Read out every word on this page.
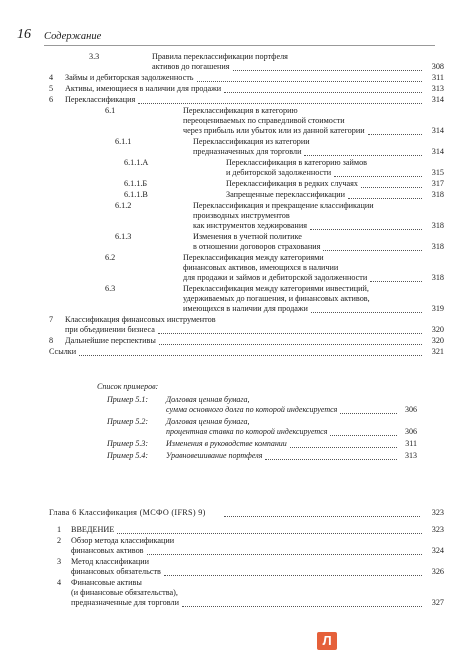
16 Содержание
3.3	Правила переклассификации портфеля
активов до погашения	308
4 Займы и дебиторская задолженность	311
5 Активы, имеющиеся в наличии для продажи	313
6 Переклассификация	314
6.1	Переклассификация в категорию
переоцениваемых по справедливой стоимости
через прибыль или убыток или из данной категории	314
6.1.1	Переклассификация из категории
предназначенных для торговли	314
6.1.1.А	Переклассификация в категорию займов
и дебиторской задолженности	315
6.1.1.Б	Переклассификация в редких случаях	317
6.1.1.В	Запрещенные переклассификации	318
6.1.2	Переклассификация и прекращение классификации
производных инструментов
как инструментов хеджирования	318
6.1.3	Изменения в учетной политике
в отношении договоров страхования	318
6.2	Переклассификация между категориями
финансовых активов, имеющихся в наличии
для продажи и займов и дебиторской задолженности	318
6.3	Переклассификация между категориями инвестиций,
удерживаемых до погашения, и финансовых активов,
имеющихся в наличии для продажи	319
7 Классификация финансовых инструментов
при объединении бизнеса	320
8 Дальнейшие перспективы	320
Ссылки	321
Список примеров:
Пример 5.1: Долговая ценная бумага,
сумма основного долга по которой индексируется	306
Пример 5.2: Долговая ценная бумага,
процентная ставка по которой индексируется	306
Пример 5.3: Изменения в руководстве компании	311
Пример 5.4: Уравновешивание портфеля	313
Глава 6 Классификация (МСФО (IFRS) 9)	323
1 ВВЕДЕНИЕ	323
2 Обзор метода классификации
финансовых активов	324
3 Метод классификации
финансовых обязательств	326
4 Финансовые активы
(и финансовые обязательства),
предназначенные для торговли	327
Л
